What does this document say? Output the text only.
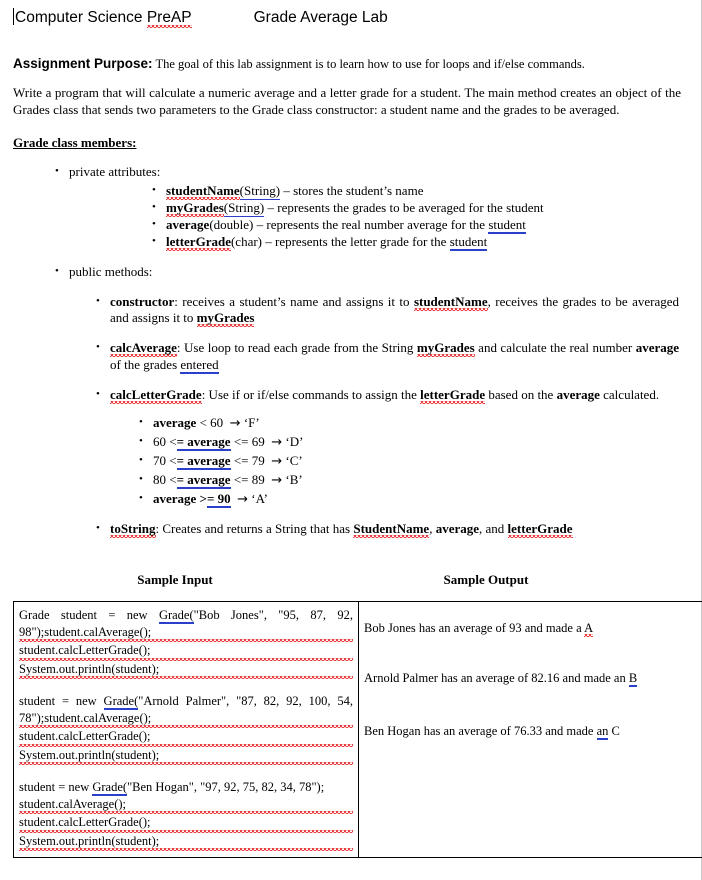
Computer Science PreAP	Grade Average Lab
Assignment Purpose: The goal of this lab assignment is to learn how to use for loops and if/else commands.
Write a program that will calculate a numeric average and a letter grade for a student. The main method creates an object of the Grades class that sends two parameters to the Grade class constructor: a student name and the grades to be averaged.
Grade class members:
• private attributes:
• studentName(String) – stores the student’s name
• myGrades(String) – represents the grades to be averaged for the student
• average(double) – represents the real number average for the student
• letterGrade(char) – represents the letter grade for the student
• public methods:
• constructor: receives a student’s name and assigns it to studentName, receives the grades to be averaged and assigns it to myGrades
• calcAverage: Use loop to read each grade from the String myGrades and calculate the real number average of the grades entered
• calcLetterGrade: Use if or if/else commands to assign the letterGrade based on the average calculated.
• average < 60 → ‘F’
• 60 <= average <= 69 → ‘D’
• 70 <= average <= 79 → ‘C’
• 80 <= average <= 89 → ‘B’
• average >= 90 → ‘A’
• toString: Creates and returns a String that has StudentName, average, and letterGrade
Sample Input	Sample Output
Grade student = new Grade("Bob Jones", "95, 87, 92,
98");student.calAverage();
student.calcLetterGrade();
System.out.println(student);
student = new Grade("Arnold Palmer", "87, 82, 92, 100, 54,
78");student.calAverage();
student.calcLetterGrade();
System.out.println(student);
student = new Grade("Ben Hogan", "97, 92, 75, 82, 34, 78");
student.calAverage();
student.calcLetterGrade();
System.out.println(student);

Bob Jones has an average of 93 and made a A
Arnold Palmer has an average of 82.16 and made an B
Ben Hogan has an average of 76.33 and made an C
